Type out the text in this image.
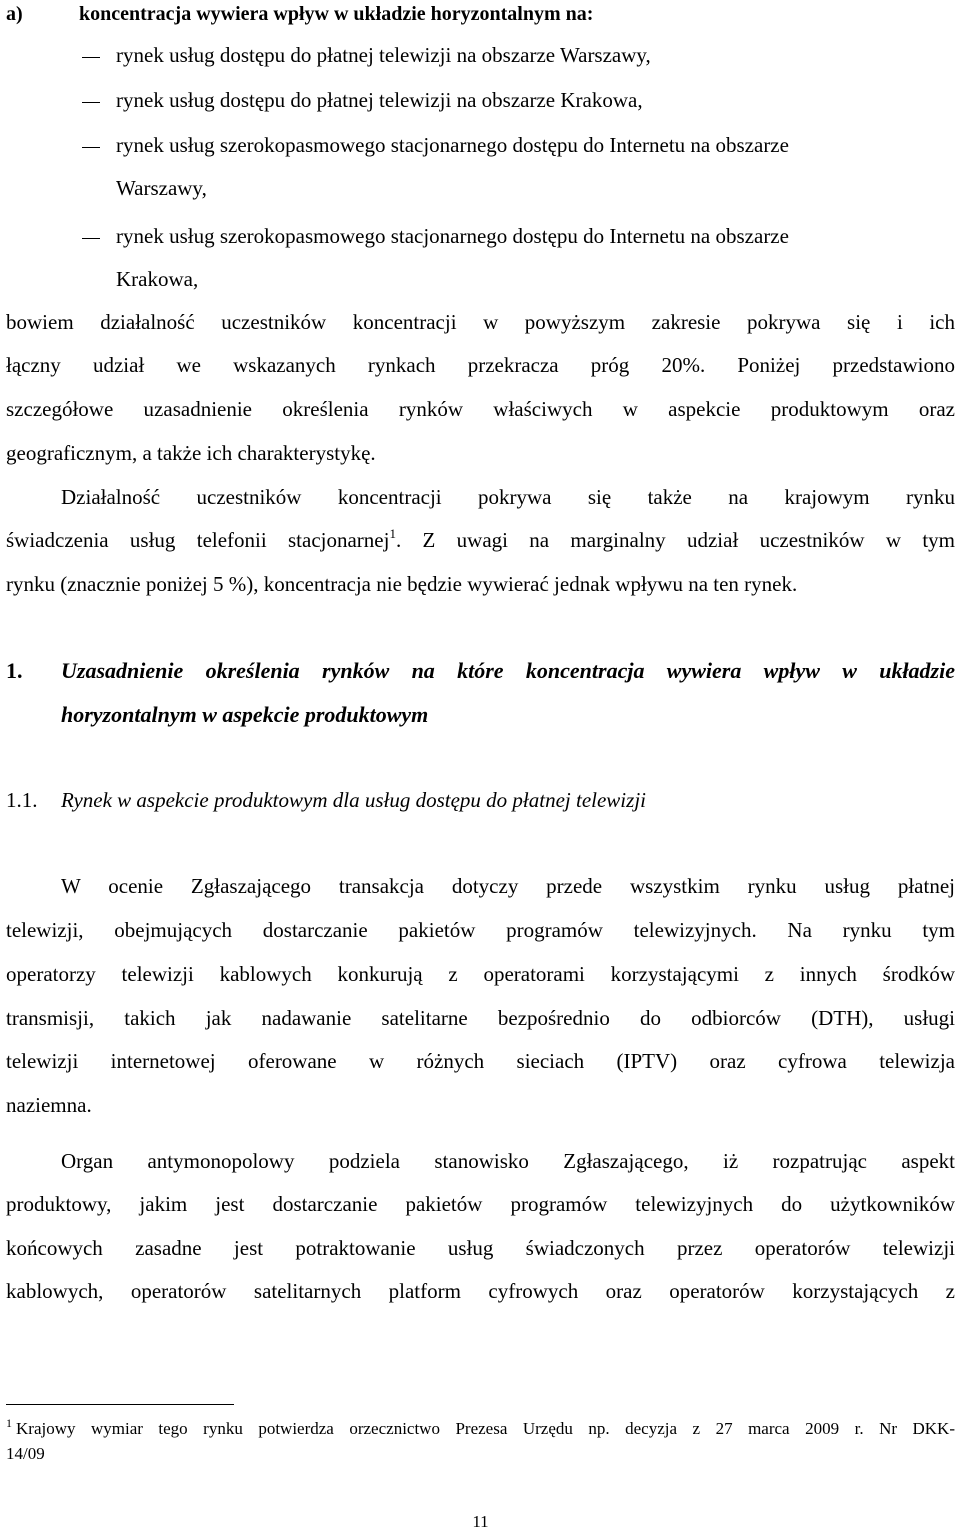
a)	koncentracja wywiera wpływ w układzie horyzontalnym na:
rynek usług dostępu do płatnej telewizji na obszarze Warszawy,
rynek usług dostępu do płatnej telewizji na obszarze Krakowa,
rynek usług szerokopasmowego stacjonarnego dostępu do Internetu na obszarze
Warszawy,
rynek usług szerokopasmowego stacjonarnego dostępu do Internetu na obszarze
Krakowa,
bowiem działalność uczestników koncentracji w powyższym zakresie pokrywa się i ich
łączny udział we wskazanych rynkach przekracza próg 20%. Poniżej przedstawiono
szczegółowe uzasadnienie określenia rynków właściwych w aspekcie produktowym oraz
geograficznym, a także ich charakterystykę.
Działalność uczestników koncentracji pokrywa się także na krajowym rynku
świadczenia usług telefonii stacjonarnej$^1$. Z uwagi na marginalny udział uczestników w tym
rynku (znacznie poniżej 5 %), koncentracja nie będzie wywierać jednak wpływu na ten rynek.
1. Uzasadnienie określenia rynków na które koncentracja wywiera wpływ w układzie
horyzontalnym w aspekcie produktowym
1.1. Rynek w aspekcie produktowym dla usług dostępu do płatnej telewizji
W ocenie Zgłaszającego transakcja dotyczy przede wszystkim rynku usług płatnej
telewizji, obejmujących dostarczanie pakietów programów telewizyjnych. Na rynku tym
operatorzy telewizji kablowych konkurują z operatorami korzystającymi z innych środków
transmisji, takich jak nadawanie satelitarne bezpośrednio do odbiorców (DTH), usługi
telewizji internetowej oferowane w różnych sieciach (IPTV) oraz cyfrowa telewizja
naziemna.
Organ antymonopolowy podziela stanowisko Zgłaszającego, iż rozpatrując aspekt
produktowy, jakim jest dostarczanie pakietów programów telewizyjnych do użytkowników
końcowych zasadne jest potraktowanie usług świadczonych przez operatorów telewizji
kablowych, operatorów satelitarnych platform cyfrowych oraz operatorów korzystających z
$^1$ Krajowy wymiar tego rynku potwierdza orzecznictwo Prezesa Urzędu np. decyzja z 27 marca 2009 r. Nr DKK-
14/09
11
